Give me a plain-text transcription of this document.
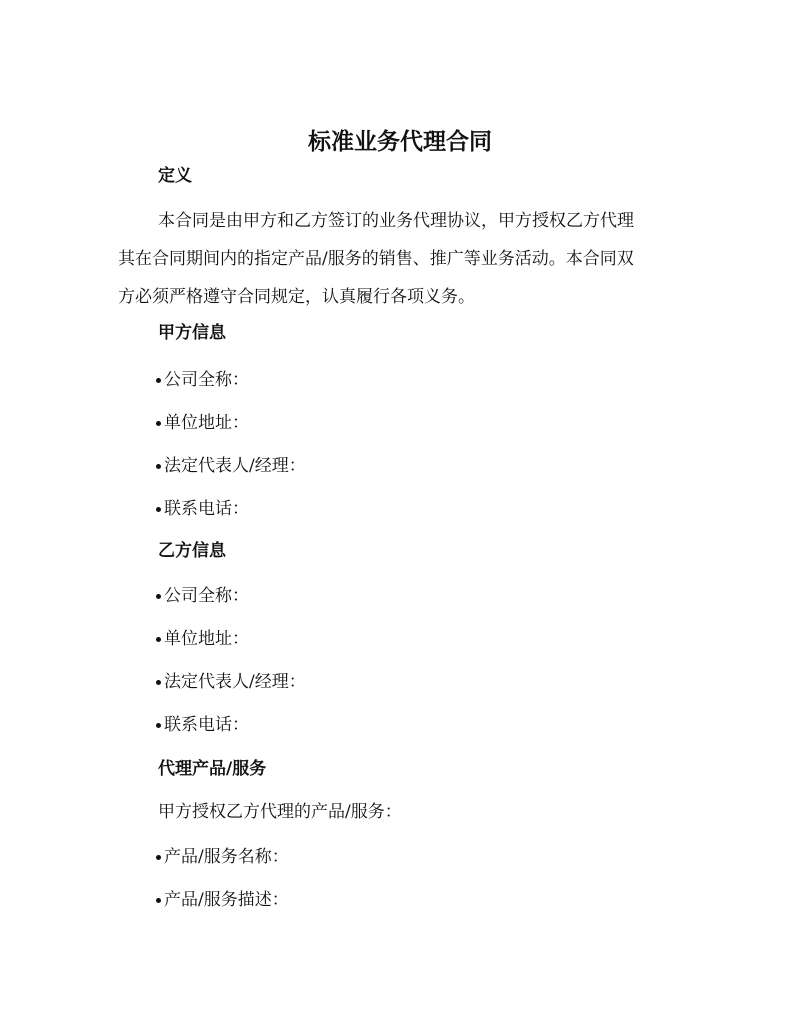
标准业务代理合同
定义
本合同是由甲方和乙方签订的业务代理协议，甲方授权乙方代理
其在合同期间内的指定产品/服务的销售、推广等业务活动。本合同双
方必须严格遵守合同规定，认真履行各项义务。
甲方信息
公司全称：
单位地址：
法定代表人/经理：
联系电话：
乙方信息
公司全称：
单位地址：
法定代表人/经理：
联系电话：
代理产品/服务

甲方授权乙方代理的产品/服务：

产品/服务名称：
产品/服务描述：
